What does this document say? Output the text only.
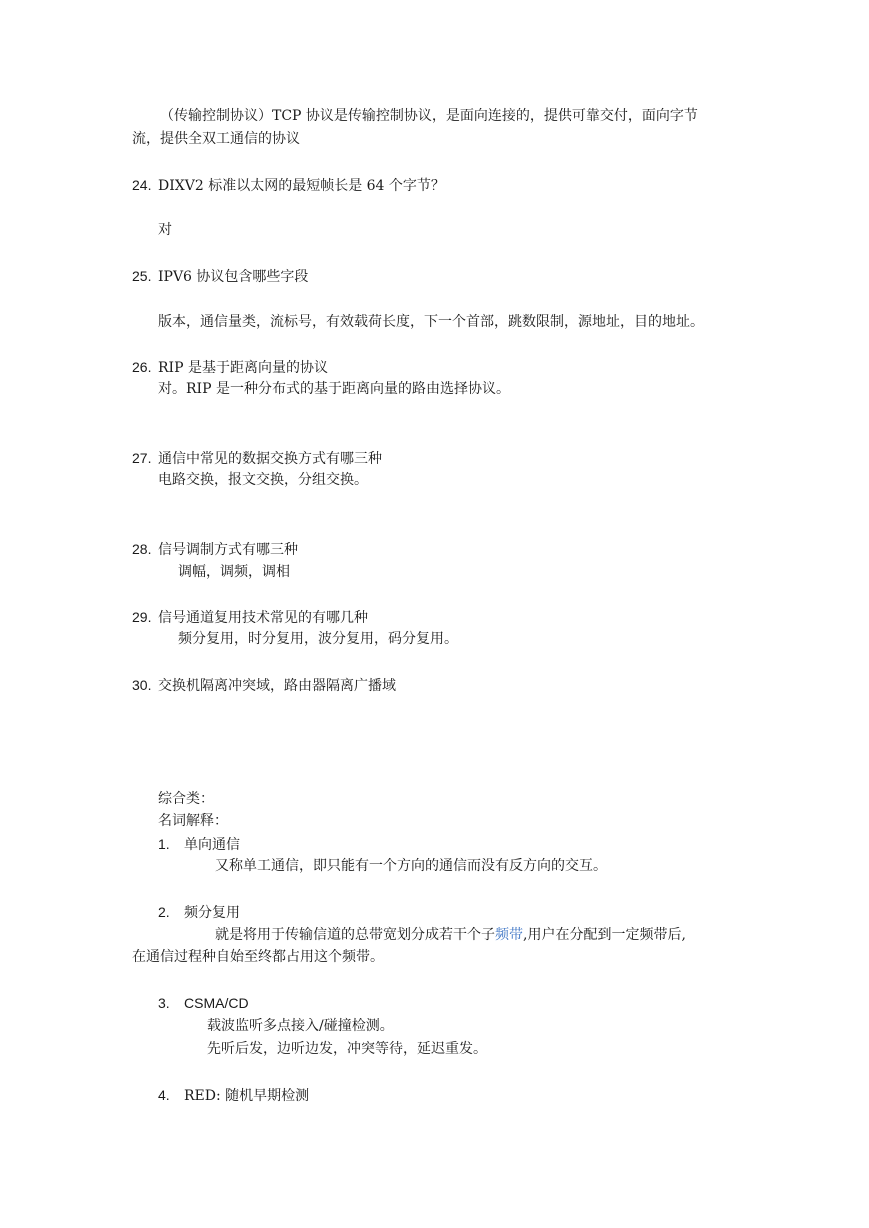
（传输控制协议）TCP 协议是传输控制协议，是面向连接的，提供可靠交付，面向字节
流，提供全双工通信的协议
24. DIXV2 标准以太网的最短帧长是 64 个字节？
对
25. IPV6 协议包含哪些字段
版本，通信量类，流标号，有效载荷长度，下一个首部，跳数限制，源地址，目的地址。
26. RIP 是基于距离向量的协议
对。RIP 是一种分布式的基于距离向量的路由选择协议。
27. 通信中常见的数据交换方式有哪三种
电路交换，报文交换，分组交换。
28. 信号调制方式有哪三种
调幅，调频，调相
29. 信号通道复用技术常见的有哪几种
频分复用，时分复用，波分复用，码分复用。
30. 交换机隔离冲突域，路由器隔离广播域
综合类：
名词解释：
1. 单向通信
又称单工通信，即只能有一个方向的通信而没有反方向的交互。
2. 频分复用
就是将用于传输信道的总带宽划分成若干个子频带,用户在分配到一定频带后,
在通信过程种自始至终都占用这个频带。
3. CSMA/CD
载波监听多点接入/碰撞检测。
先听后发，边听边发，冲突等待，延迟重发。
4. RED: 随机早期检测
